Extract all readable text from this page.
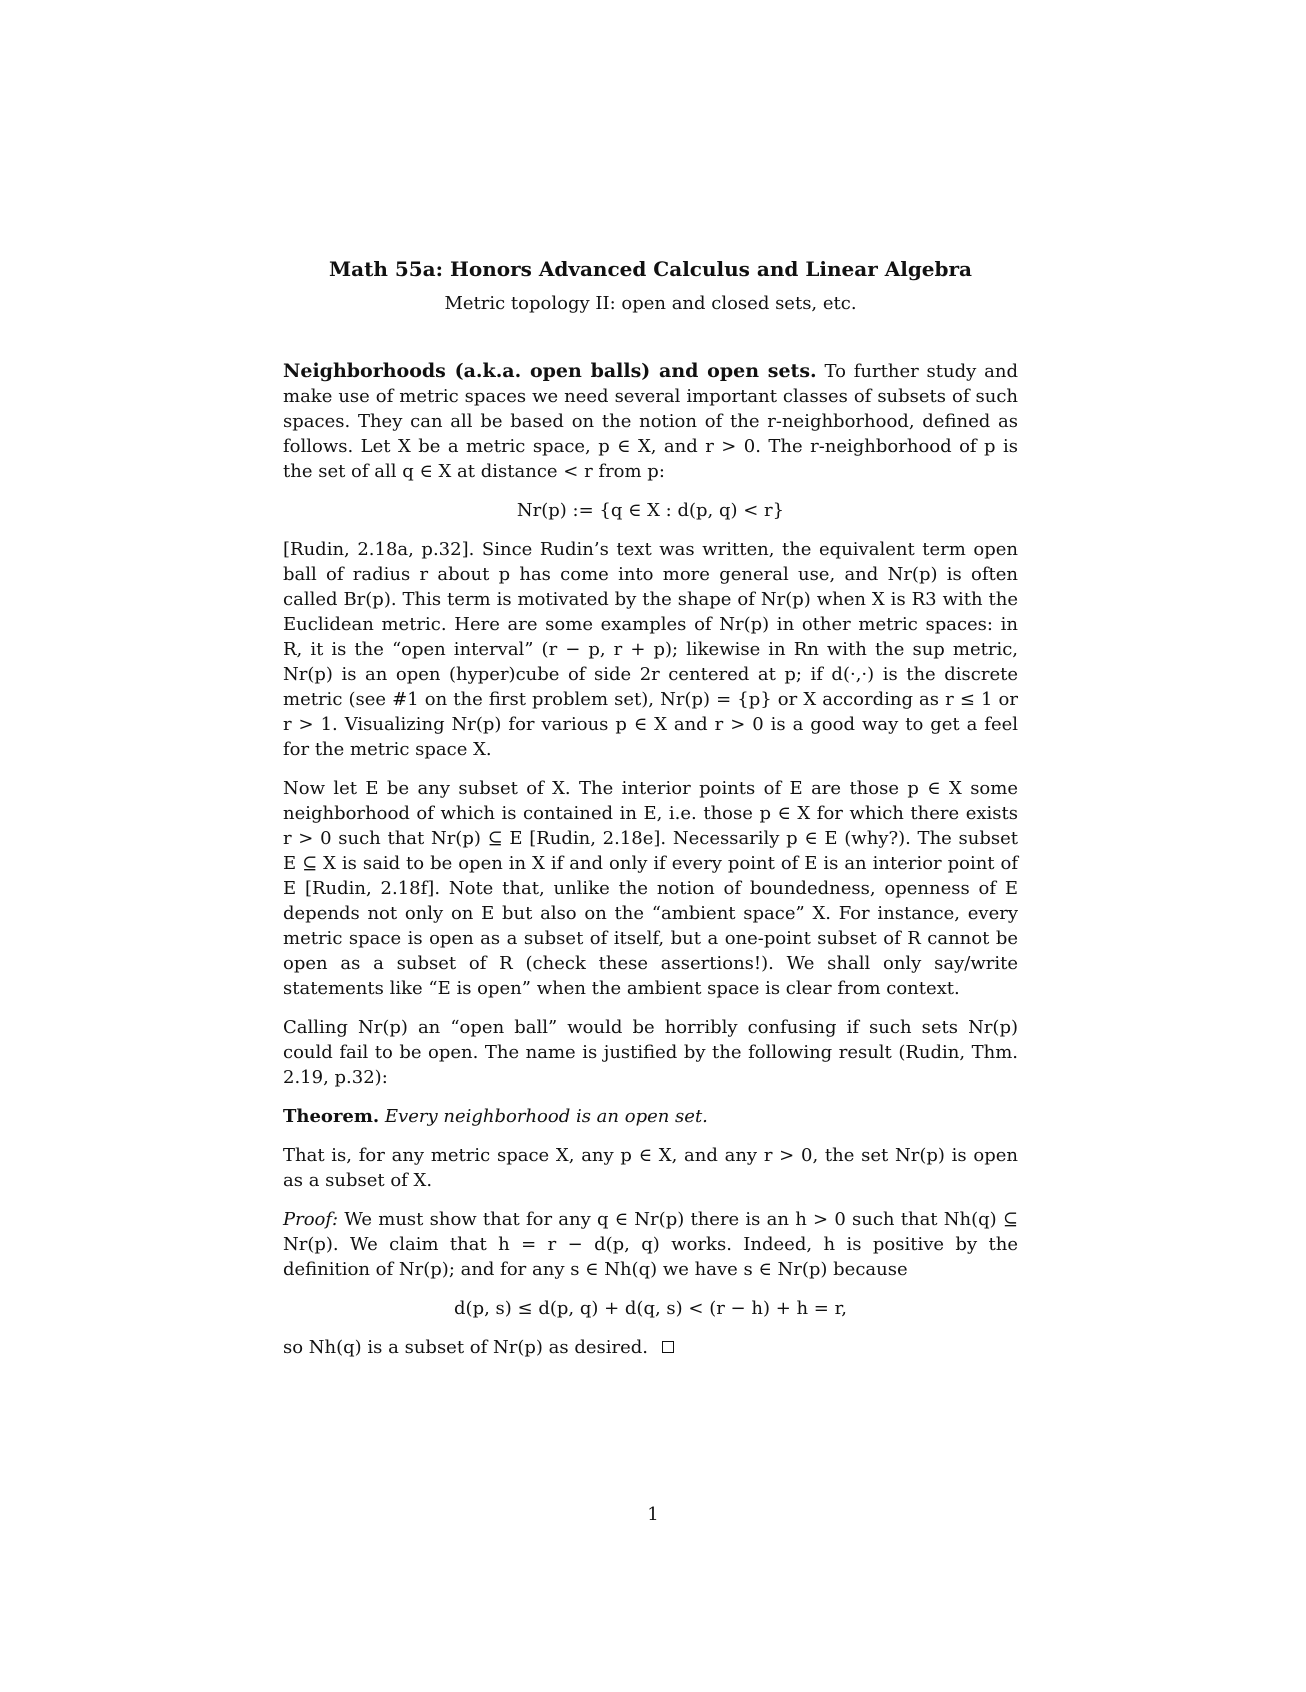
Math 55a: Honors Advanced Calculus and Linear Algebra
Metric topology II: open and closed sets, etc.

Neighborhoods (a.k.a. open balls) and open sets. To further study and make use of metric spaces we need several important classes of subsets of such spaces. They can all be based on the notion of the r-neighborhood, defined as follows. Let X be a metric space, p ∈ X, and r > 0. The r-neighborhood of p is the set of all q ∈ X at distance < r from p:

Nr(p) := {q ∈ X : d(p, q) < r}

[Rudin, 2.18a, p.32]. Since Rudin’s text was written, the equivalent term open ball of radius r about p has come into more general use, and Nr(p) is often called Br(p). This term is motivated by the shape of Nr(p) when X is R3 with the Euclidean metric. Here are some examples of Nr(p) in other metric spaces: in R, it is the “open interval” (r − p, r + p); likewise in Rn with the sup metric, Nr(p) is an open (hyper)cube of side 2r centered at p; if d(·,·) is the discrete metric (see #1 on the first problem set), Nr(p) = {p} or X according as r ≤ 1 or r > 1. Visualizing Nr(p) for various p ∈ X and r > 0 is a good way to get a feel for the metric space X.

Now let E be any subset of X. The interior points of E are those p ∈ X some neighborhood of which is contained in E, i.e. those p ∈ X for which there exists r > 0 such that Nr(p) ⊆ E [Rudin, 2.18e]. Necessarily p ∈ E (why?). The subset E ⊆ X is said to be open in X if and only if every point of E is an interior point of E [Rudin, 2.18f]. Note that, unlike the notion of boundedness, openness of E depends not only on E but also on the “ambient space” X. For instance, every metric space is open as a subset of itself, but a one-point subset of R cannot be open as a subset of R (check these assertions!). We shall only say/write statements like “E is open” when the ambient space is clear from context.

Calling Nr(p) an “open ball” would be horribly confusing if such sets Nr(p) could fail to be open. The name is justified by the following result (Rudin, Thm. 2.19, p.32):

Theorem. Every neighborhood is an open set.

That is, for any metric space X, any p ∈ X, and any r > 0, the set Nr(p) is open as a subset of X.

Proof: We must show that for any q ∈ Nr(p) there is an h > 0 such that Nh(q) ⊆ Nr(p). We claim that h = r − d(p, q) works. Indeed, h is positive by the definition of Nr(p); and for any s ∈ Nh(q) we have s ∈ Nr(p) because

d(p, s) ≤ d(p, q) + d(q, s) < (r − h) + h = r,

so Nh(q) is a subset of Nr(p) as desired.

1
